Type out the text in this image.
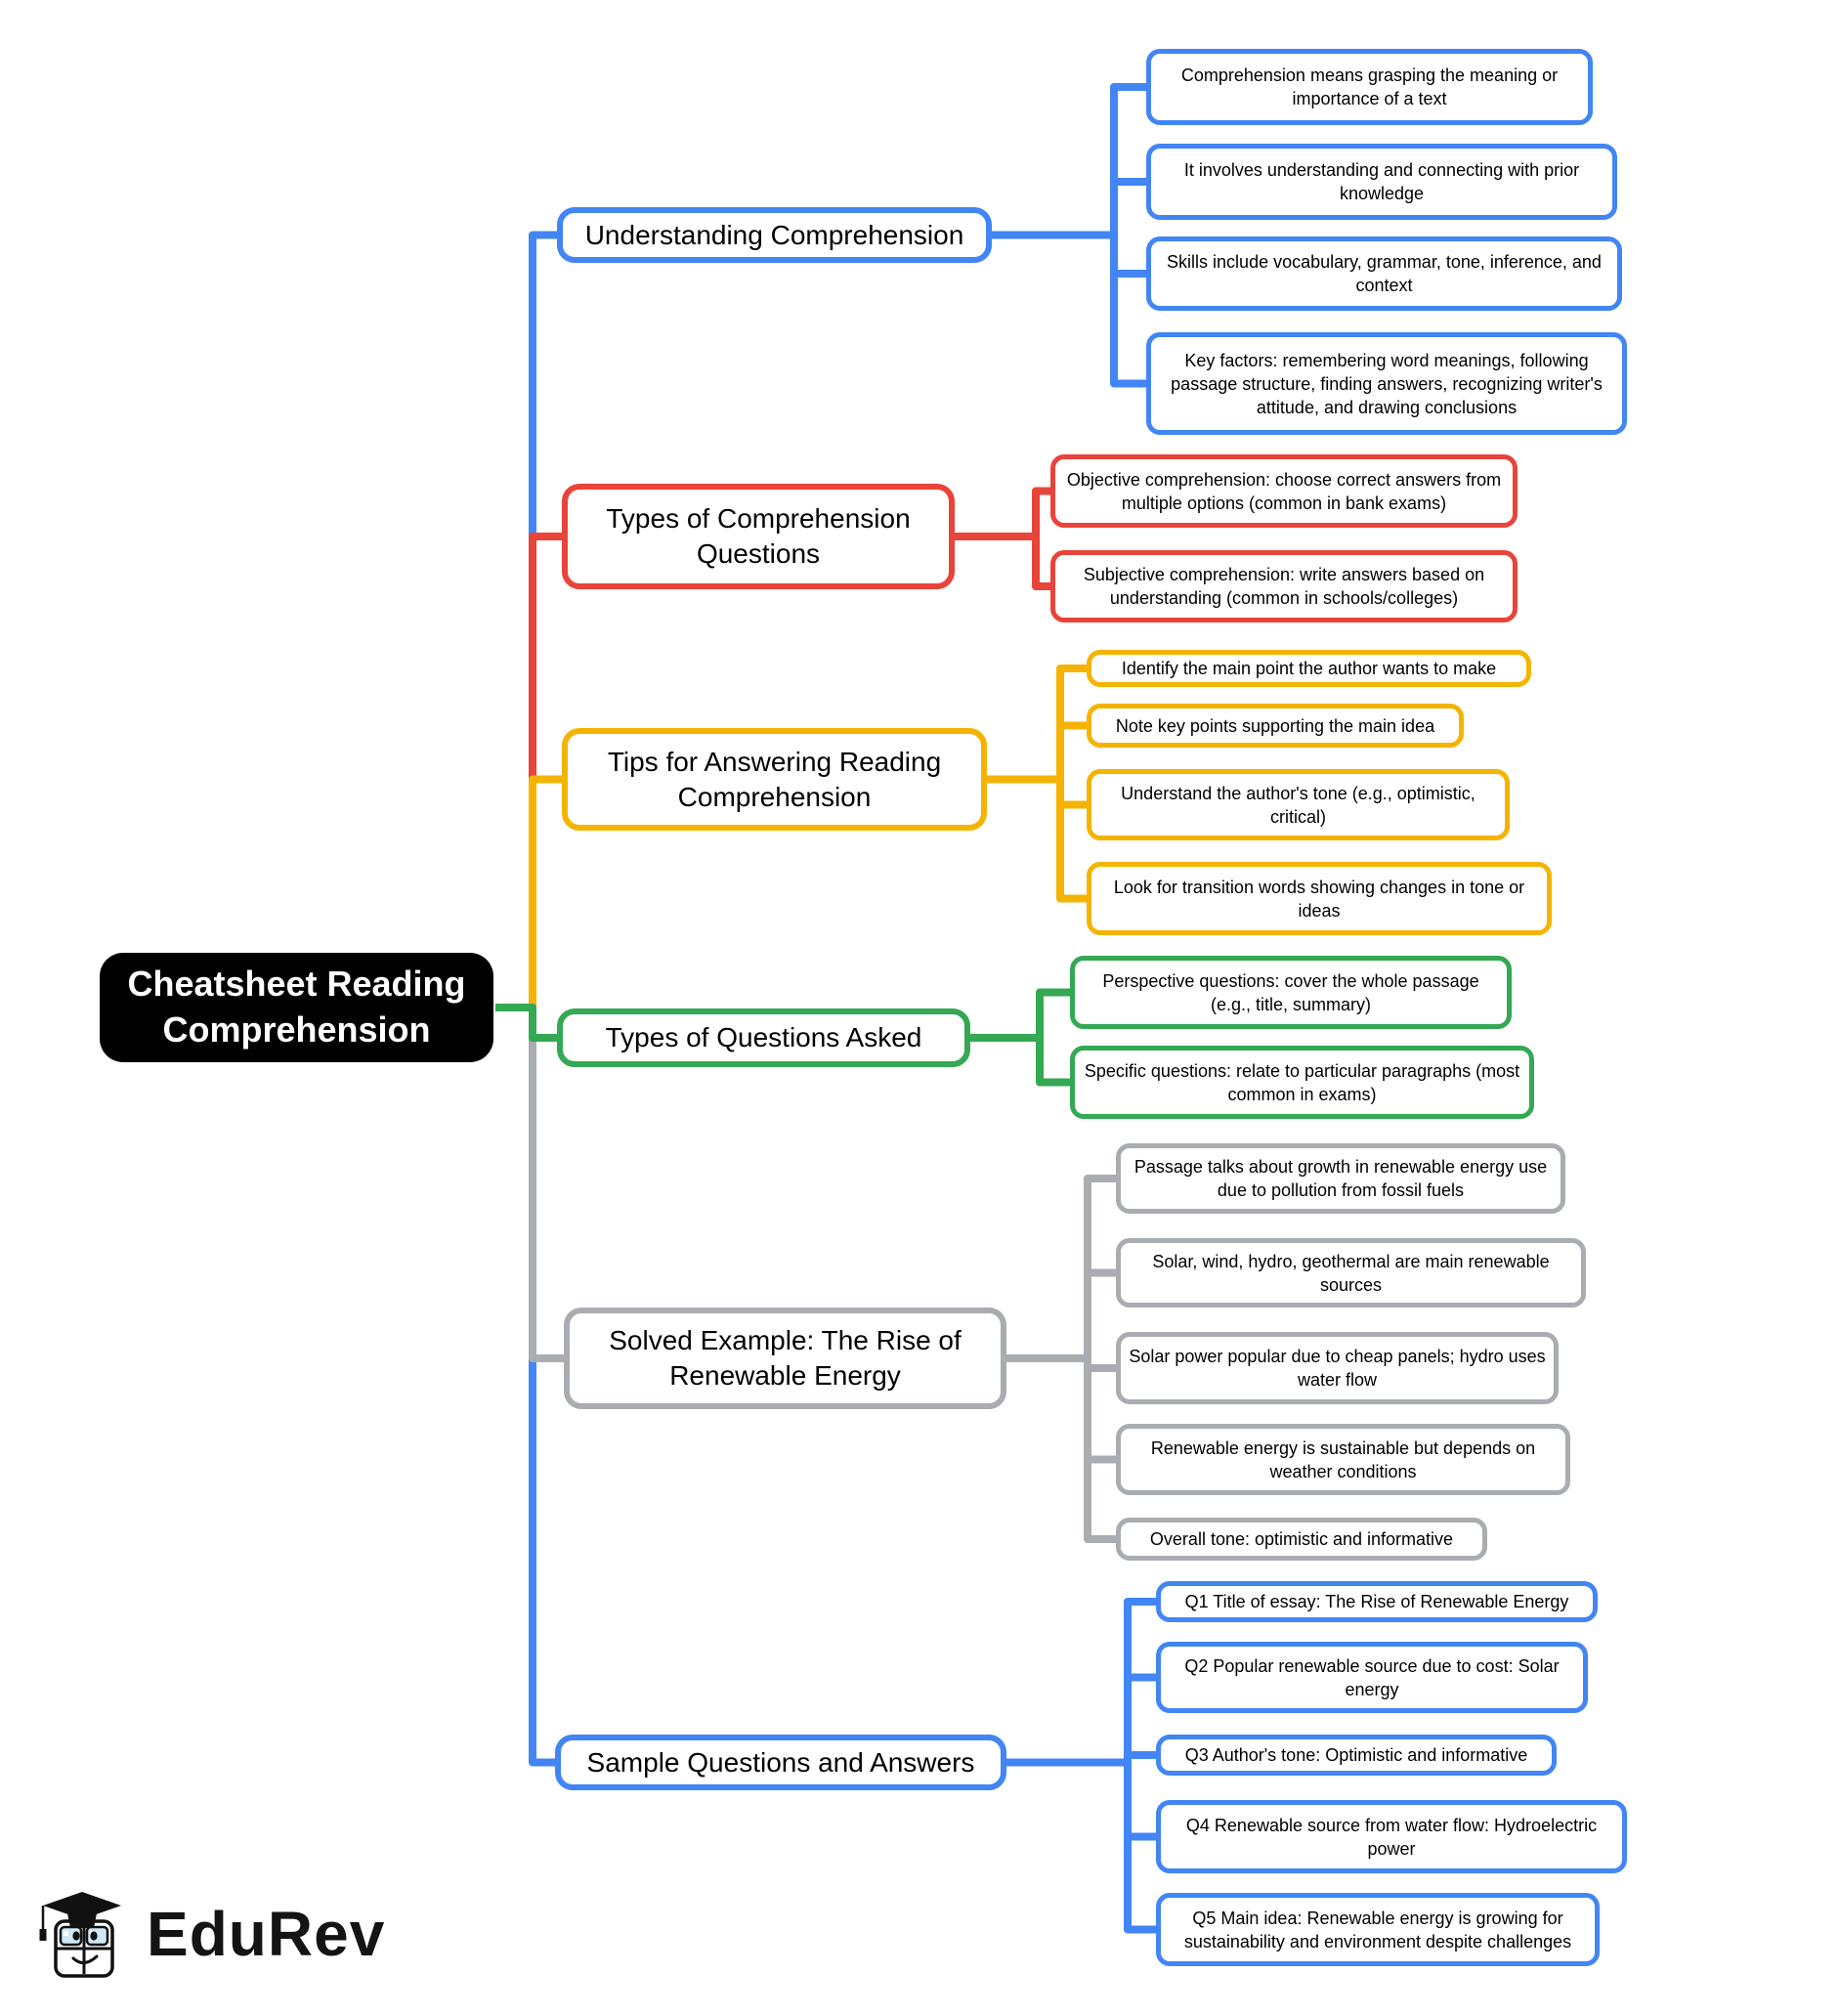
Cheatsheet Reading Comprehension
Understanding Comprehension
Comprehension means grasping the meaning or importance of a text
It involves understanding and connecting with prior knowledge
Skills include vocabulary, grammar, tone, inference, and context
Key factors: remembering word meanings, following passage structure, finding answers, recognizing writer's attitude, and drawing conclusions
Types of Comprehension Questions
Objective comprehension: choose correct answers from multiple options (common in bank exams)
Subjective comprehension: write answers based on understanding (common in schools/colleges)
Tips for Answering Reading Comprehension
Identify the main point the author wants to make
Note key points supporting the main idea
Understand the author's tone (e.g., optimistic, critical)
Look for transition words showing changes in tone or ideas
Types of Questions Asked
Perspective questions: cover the whole passage (e.g., title, summary)
Specific questions: relate to particular paragraphs (most common in exams)
Solved Example: The Rise of Renewable Energy
Passage talks about growth in renewable energy use due to pollution from fossil fuels
Solar, wind, hydro, geothermal are main renewable sources
Solar power popular due to cheap panels; hydro uses water flow
Renewable energy is sustainable but depends on weather conditions
Overall tone: optimistic and informative
Sample Questions and Answers
Q1 Title of essay: The Rise of Renewable Energy
Q2 Popular renewable source due to cost: Solar energy
Q3 Author's tone: Optimistic and informative
Q4 Renewable source from water flow: Hydroelectric power
Q5 Main idea: Renewable energy is growing for sustainability and environment despite challenges
EduRev
